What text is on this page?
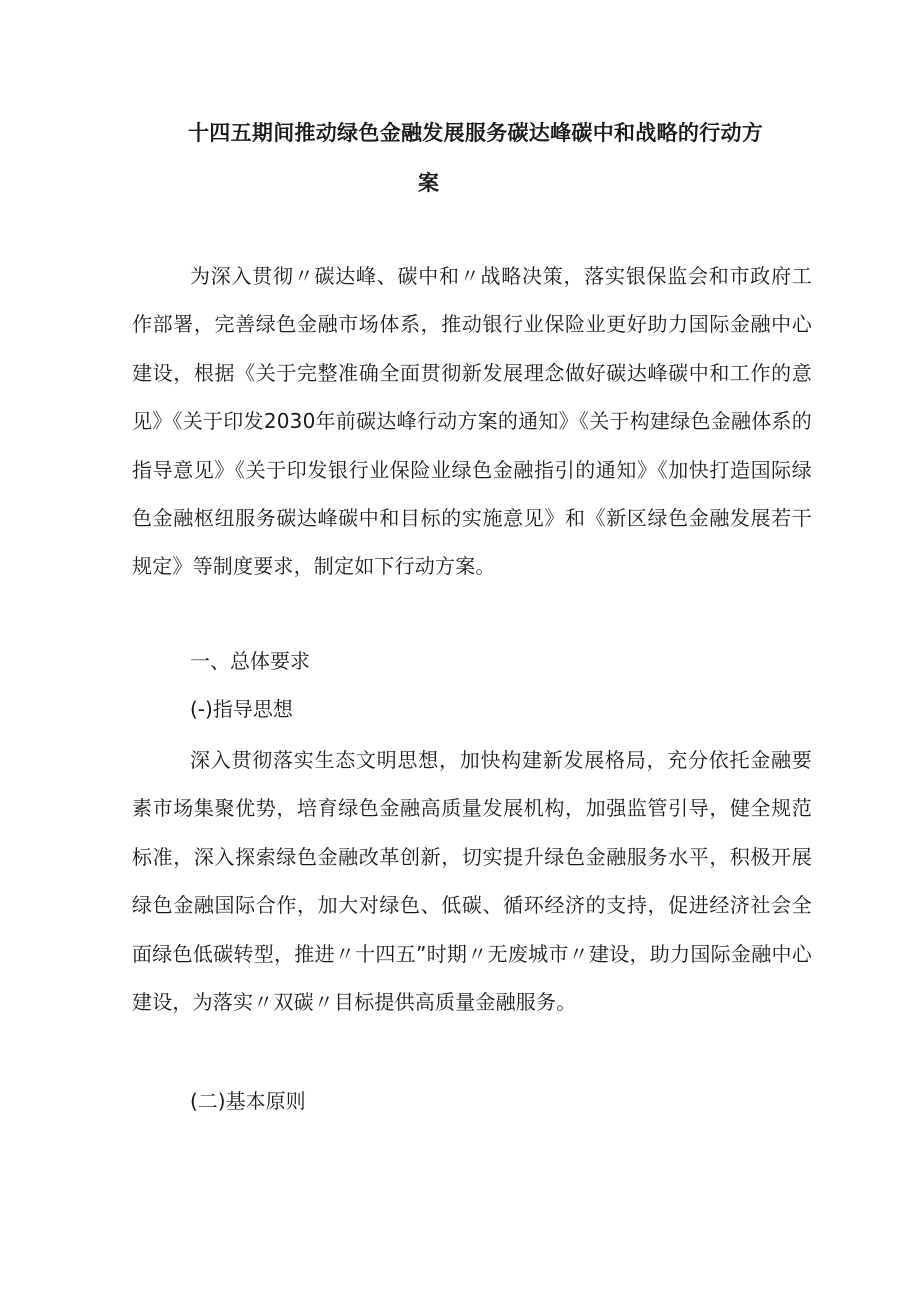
十四五期间推动绿色金融发展服务碳达峰碳中和战略的行动方
案

为深入贯彻〃碳达峰、碳中和〃战略决策，落实银保监会和市政府工作部署，完善绿色金融市场体系，推动银行业保险业更好助力国际金融中心建设，根据《关于完整准确全面贯彻新发展理念做好碳达峰碳中和工作的意见》《关于印发2030年前碳达峰行动方案的通知》《关于构建绿色金融体系的指导意见》《关于印发银行业保险业绿色金融指引的通知》《加快打造国际绿色金融枢纽服务碳达峰碳中和目标的实施意见》和《新区绿色金融发展若干规定》等制度要求，制定如下行动方案。

一、总体要求
(-)指导思想

深入贯彻落实生态文明思想，加快构建新发展格局，充分依托金融要素市场集聚优势，培育绿色金融高质量发展机构，加强监管引导，健全规范标准，深入探索绿色金融改革创新，切实提升绿色金融服务水平，积极开展绿色金融国际合作，加大对绿色、低碳、循环经济的支持，促进经济社会全面绿色低碳转型，推进〃十四五”时期〃无废城市〃建设，助力国际金融中心建设，为落实〃双碳〃目标提供高质量金融服务。

(二)基本原则
